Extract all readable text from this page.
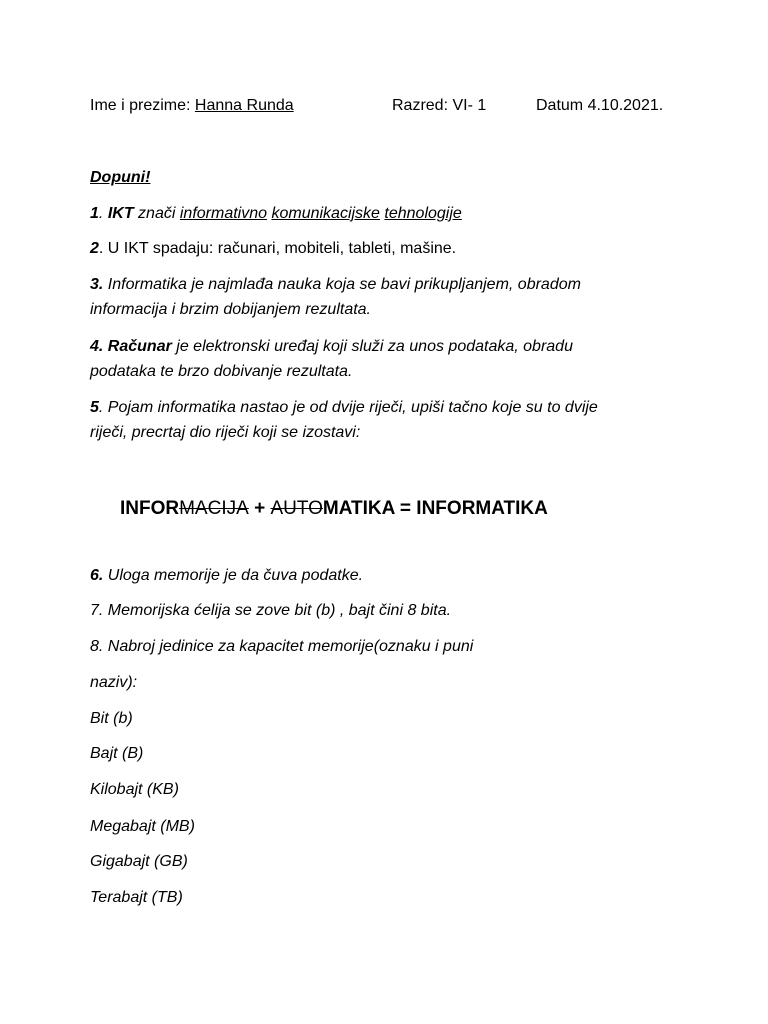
Ime i prezime: Hanna Runda	Razred: VI- 1	Datum 4.10.2021.
Dopuni!
1. IKT znači informativno komunikacijske tehnologije
2. U IKT spadaju: računari, mobiteli, tableti, mašine.
3. Informatika je najmlađa nauka koja se bavi prikupljanjem, obradom
informacija i brzim dobijanjem rezultata.
4. Računar je elektronski uređaj koji služi za unos podataka, obradu
podataka te brzo dobivanje rezultata.
5. Pojam informatika nastao je od dvije riječi, upiši tačno koje su to dvije
riječi, precrtaj dio riječi koji se izostavi:
INFORMACIJA + AUTOMATIKA = INFORMATIKA
6. Uloga memorije je da čuva podatke.
7. Memorijska ćelija se zove bit (b) , bajt čini 8 bita.
8. Nabroj jedinice za kapacitet memorije(oznaku i puni
naziv):
Bit (b)
Bajt (B)
Kilobajt (KB)
Megabajt (MB)
Gigabajt (GB)
Terabajt (TB)
